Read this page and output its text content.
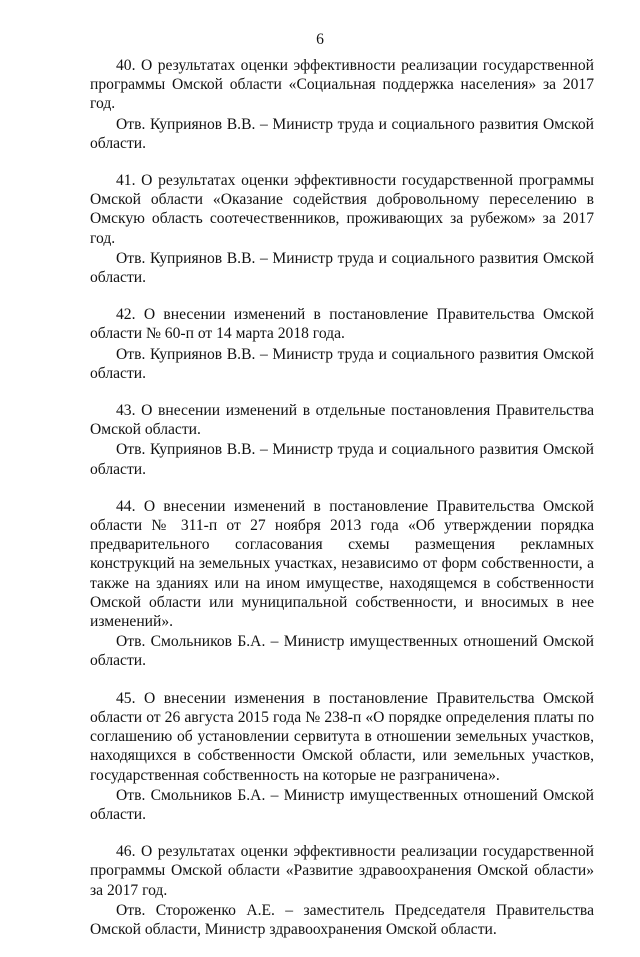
6

40. О результатах оценки эффективности реализации государственной программы Омской области «Социальная поддержка населения» за 2017 год.

Отв. Куприянов В.В. – Министр труда и социального развития Омской области.

41. О результатах оценки эффективности государственной программы Омской области «Оказание содействия добровольному переселению в Омскую область соотечественников, проживающих за рубежом» за 2017 год.

Отв. Куприянов В.В. – Министр труда и социального развития Омской области.

42. О внесении изменений в постановление Правительства Омской области № 60-п от 14 марта 2018 года.

Отв. Куприянов В.В. – Министр труда и социального развития Омской области.

43. О внесении изменений в отдельные постановления Правительства Омской области.

Отв. Куприянов В.В. – Министр труда и социального развития Омской области.

44. О внесении изменений в постановление Правительства Омской области № 311-п от 27 ноября 2013 года «Об утверждении порядка предварительного согласования схемы размещения рекламных конструкций на земельных участках, независимо от форм собственности, а также на зданиях или на ином имуществе, находящемся в собственности Омской области или муниципальной собственности, и вносимых в нее изменений».

Отв. Смольников Б.А. – Министр имущественных отношений Омской области.

45. О внесении изменения в постановление Правительства Омской области от 26 августа 2015 года № 238-п «О порядке определения платы по соглашению об установлении сервитута в отношении земельных участков, находящихся в собственности Омской области, или земельных участков, государственная собственность на которые не разграничена».

Отв. Смольников Б.А. – Министр имущественных отношений Омской области.

46. О результатах оценки эффективности реализации государственной программы Омской области «Развитие здравоохранения Омской области» за 2017 год.

Отв. Стороженко А.Е. – заместитель Председателя Правительства Омской области, Министр здравоохранения Омской области.
